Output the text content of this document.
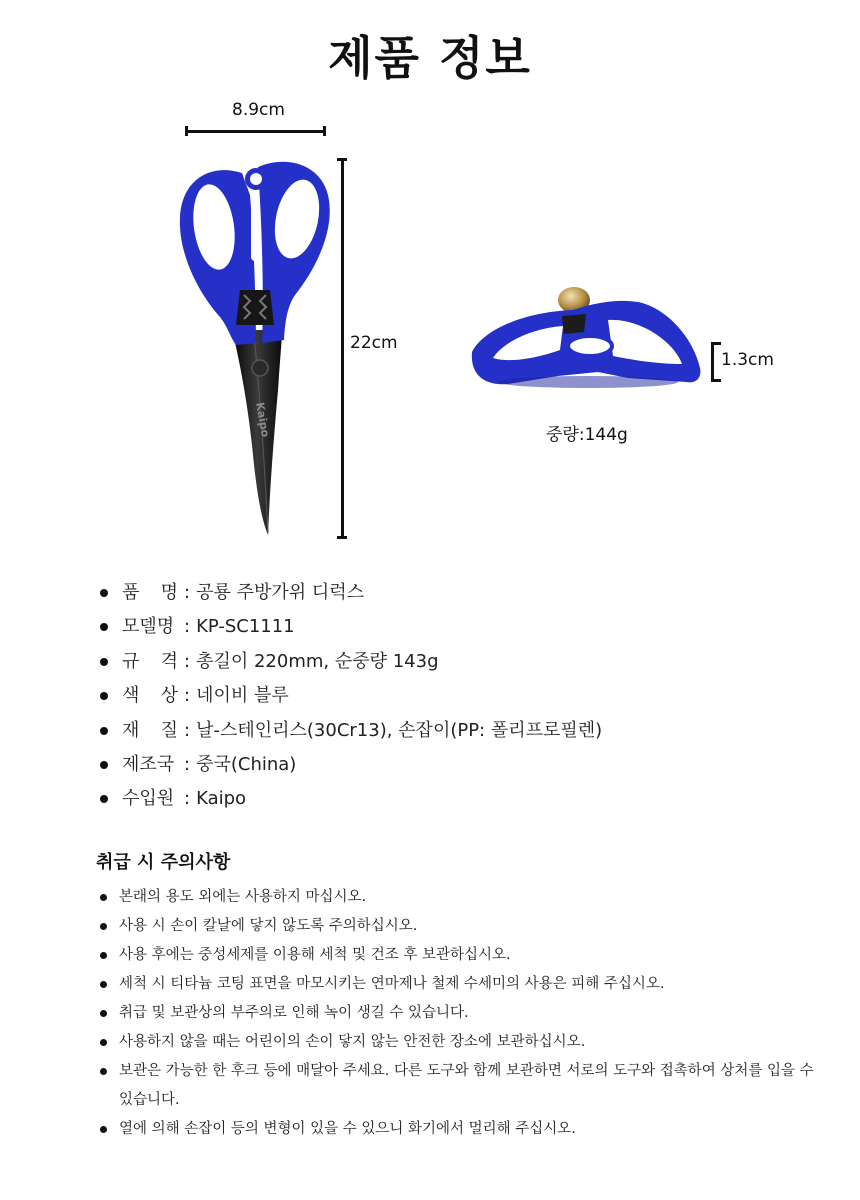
제품 정보
8.9cm
22cm
Kaipo
1.3cm
중량:144g
품 명 : 공룡 주방가위 디럭스
모델명 : KP-SC1111
규 격 : 총길이 220mm, 순중량 143g
색 상 : 네이비 블루
재 질 : 날-스테인리스(30Cr13), 손잡이(PP: 폴리프로필렌)
제조국 : 중국(China)
수입원 : Kaipo
취급 시 주의사항
본래의 용도 외에는 사용하지 마십시오.
사용 시 손이 칼날에 닿지 않도록 주의하십시오.
사용 후에는 중성세제를 이용해 세척 및 건조 후 보관하십시오.
세척 시 티타늄 코팅 표면을 마모시키는 연마제나 철제 수세미의 사용은 피해 주십시오.
취급 및 보관상의 부주의로 인해 녹이 생길 수 있습니다.
사용하지 않을 때는 어린이의 손이 닿지 않는 안전한 장소에 보관하십시오.
보관은 가능한 한 후크 등에 매달아 주세요. 다른 도구와 함께 보관하면 서로의 도구와 접촉하여 상처를 입을 수 있습니다.
열에 의해 손잡이 등의 변형이 있을 수 있으니 화기에서 멀리해 주십시오.
